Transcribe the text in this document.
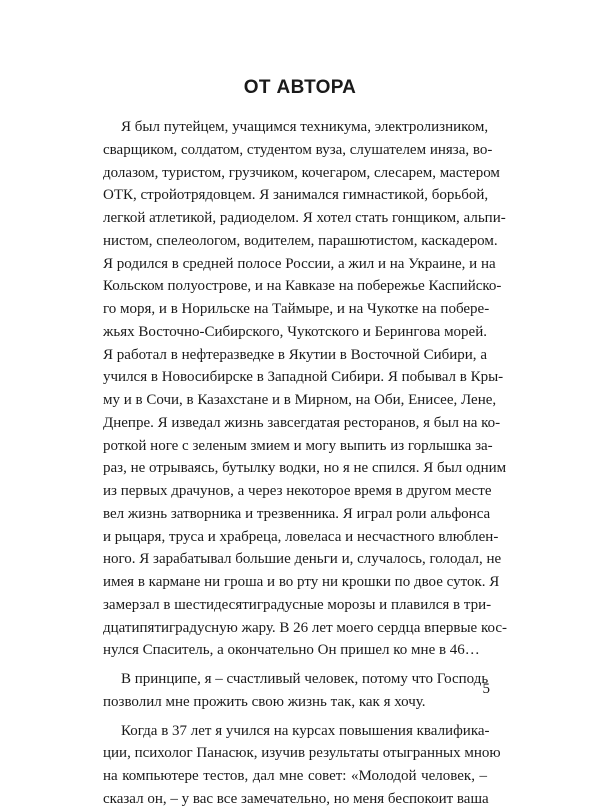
ОТ АВТОРА
Я был путейцем, учащимся техникума, электролизником,
сварщиком, солдатом, студентом вуза, слушателем иняза, во-
долазом, туристом, грузчиком, кочегаром, слесарем, мастером
ОТК, стройотрядовцем. Я занимался гимнастикой, борьбой,
легкой атлетикой, радиоделом. Я хотел стать гонщиком, альпи-
нистом, спелеологом, водителем, парашютистом, каскадером.
Я родился в средней полосе России, а жил и на Украине, и на
Кольском полуострове, и на Кавказе на побережье Каспийско-
го моря, и в Норильске на Таймыре, и на Чукотке на побере-
жьях Восточно-Сибирского, Чукотского и Берингова морей.
Я работал в нефтеразведке в Якутии в Восточной Сибири, а
учился в Новосибирске в Западной Сибири. Я побывал в Кры-
му и в Сочи, в Казахстане и в Мирном, на Оби, Енисее, Лене,
Днепре. Я изведал жизнь завсегдатая ресторанов, я был на ко-
роткой ноге с зеленым змием и могу выпить из горлышка за-
раз, не отрываясь, бутылку водки, но я не спился. Я был одним
из первых драчунов, а через некоторое время в другом месте
вел жизнь затворника и трезвенника. Я играл роли альфонса
и рыцаря, труса и храбреца, ловеласа и несчастного влюблен-
ного. Я зарабатывал большие деньги и, случалось, голодал, не
имея в кармане ни гроша и во рту ни крошки по двое суток. Я
замерзал в шестидесятиградусные морозы и плавился в три-
дцатипятиградусную жару. В 26 лет моего сердца впервые кос-
нулся Спаситель, а окончательно Он пришел ко мне в 46…
В принципе, я – счастливый человек, потому что Господь
позволил мне прожить свою жизнь так, как я хочу.
Когда в 37 лет я учился на курсах повышения квалифика-
ции, психолог Панасюк, изучив результаты отыгранных мною
на компьютере тестов, дал мне совет: «Молодой человек, –
сказал он, – у вас все замечательно, но меня беспокоит ваша
5
